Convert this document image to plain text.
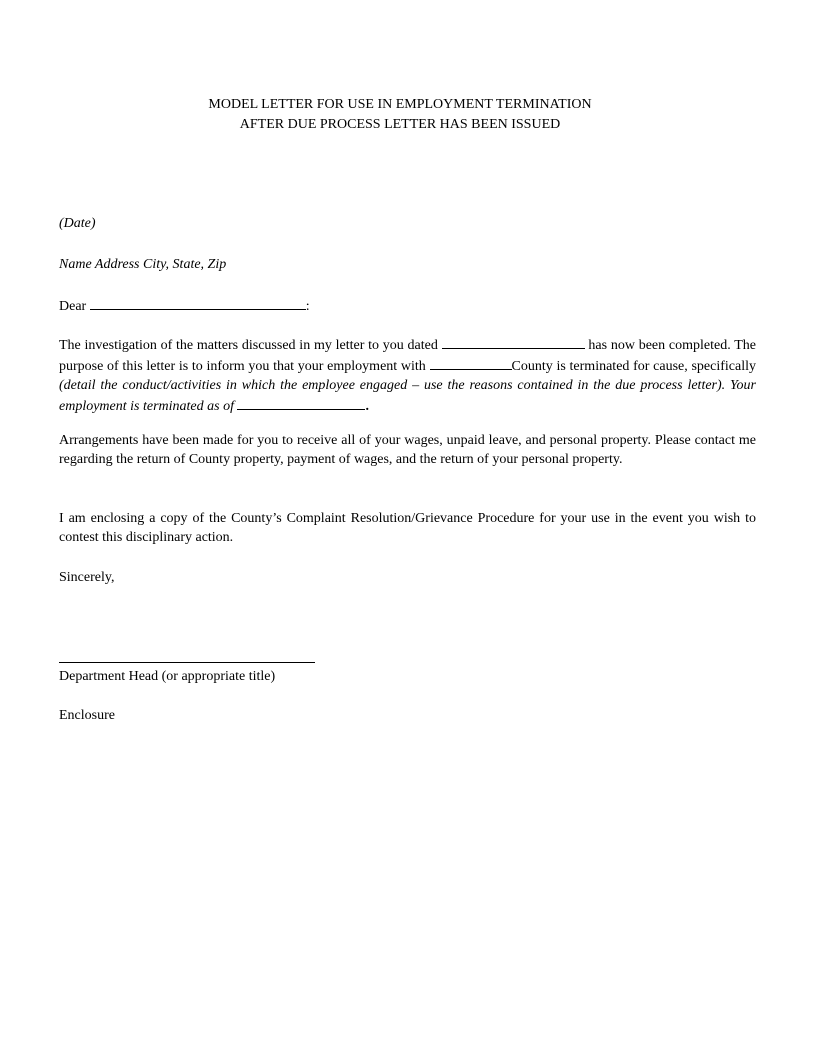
MODEL LETTER FOR USE IN EMPLOYMENT TERMINATION
AFTER DUE PROCESS LETTER HAS BEEN ISSUED
(Date)
Name Address City, State, Zip
Dear	:
The investigation of the matters discussed in my letter to you dated	has now been completed. The purpose of this letter is to inform you that your employment with	County is terminated for cause, specifically (detail the conduct/activities in which the employee engaged – use the reasons contained in the due process letter). Your employment is terminated as of	.
Arrangements have been made for you to receive all of your wages, unpaid leave, and personal property. Please contact me regarding the return of County property, payment of wages, and the return of your personal property.
I am enclosing a copy of the County’s Complaint Resolution/Grievance Procedure for your use in the event you wish to contest this disciplinary action.
Sincerely,
Department Head (or appropriate title)
Enclosure
